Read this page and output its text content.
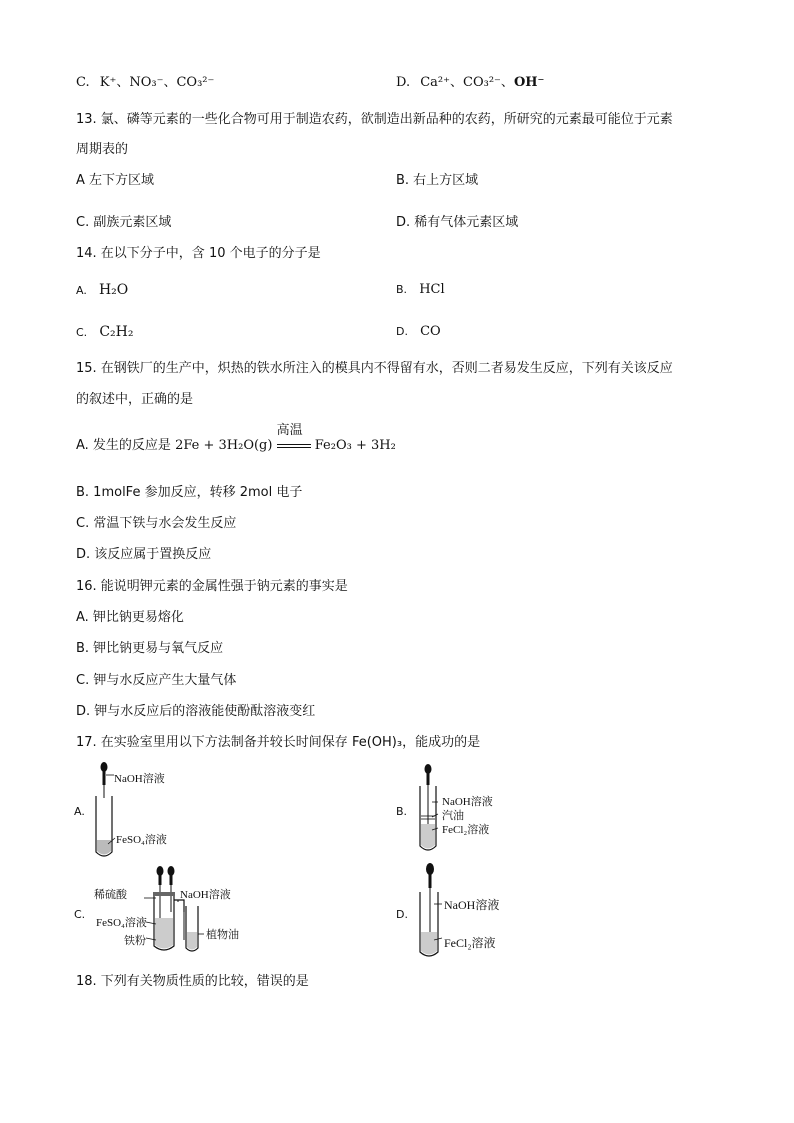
C. K⁺、NO₃⁻、CO₃²⁻	D. Ca²⁺、CO₃²⁻、OH⁻
13. 氯、磷等元素的一些化合物可用于制造农药，欲制造出新品种的农药，所研究的元素最可能位于元素
周期表的
A 左下方区域	B. 右上方区域
C. 副族元素区域	D. 稀有气体元素区域
14. 在以下分子中，含 10 个电子的分子是
A. H₂O	B. HCl
C. C₂H₂	D. CO
15. 在钢铁厂的生产中，炽热的铁水所注入的模具内不得留有水，否则二者易发生反应，下列有关该反应
的叙述中，正确的是
A. 发生的反应是 2Fe + 3H₂O(g)
高温
Fe₂O₃ + 3H₂
B. 1molFe 参加反应，转移 2mol 电子
C. 常温下铁与水会发生反应
D. 该反应属于置换反应
16. 能说明钾元素的金属性强于钠元素的事实是
A. 钾比钠更易熔化
B. 钾比钠更易与氧气反应
C. 钾与水反应产生大量气体
D. 钾与水反应后的溶液能使酚酞溶液变红
17. 在实验室里用以下方法制备并较长时间保存 Fe(OH)₃，能成功的是
A.
NaOH溶液
FeSO₄溶液
B.
NaOH溶液
汽油
FeCl₂溶液
C.
稀硫酸	NaOH溶液
FeSO₄溶液
铁粉	植物油
D.
NaOH溶液
FeCl₂溶液
18. 下列有关物质性质的比较，错误的是
